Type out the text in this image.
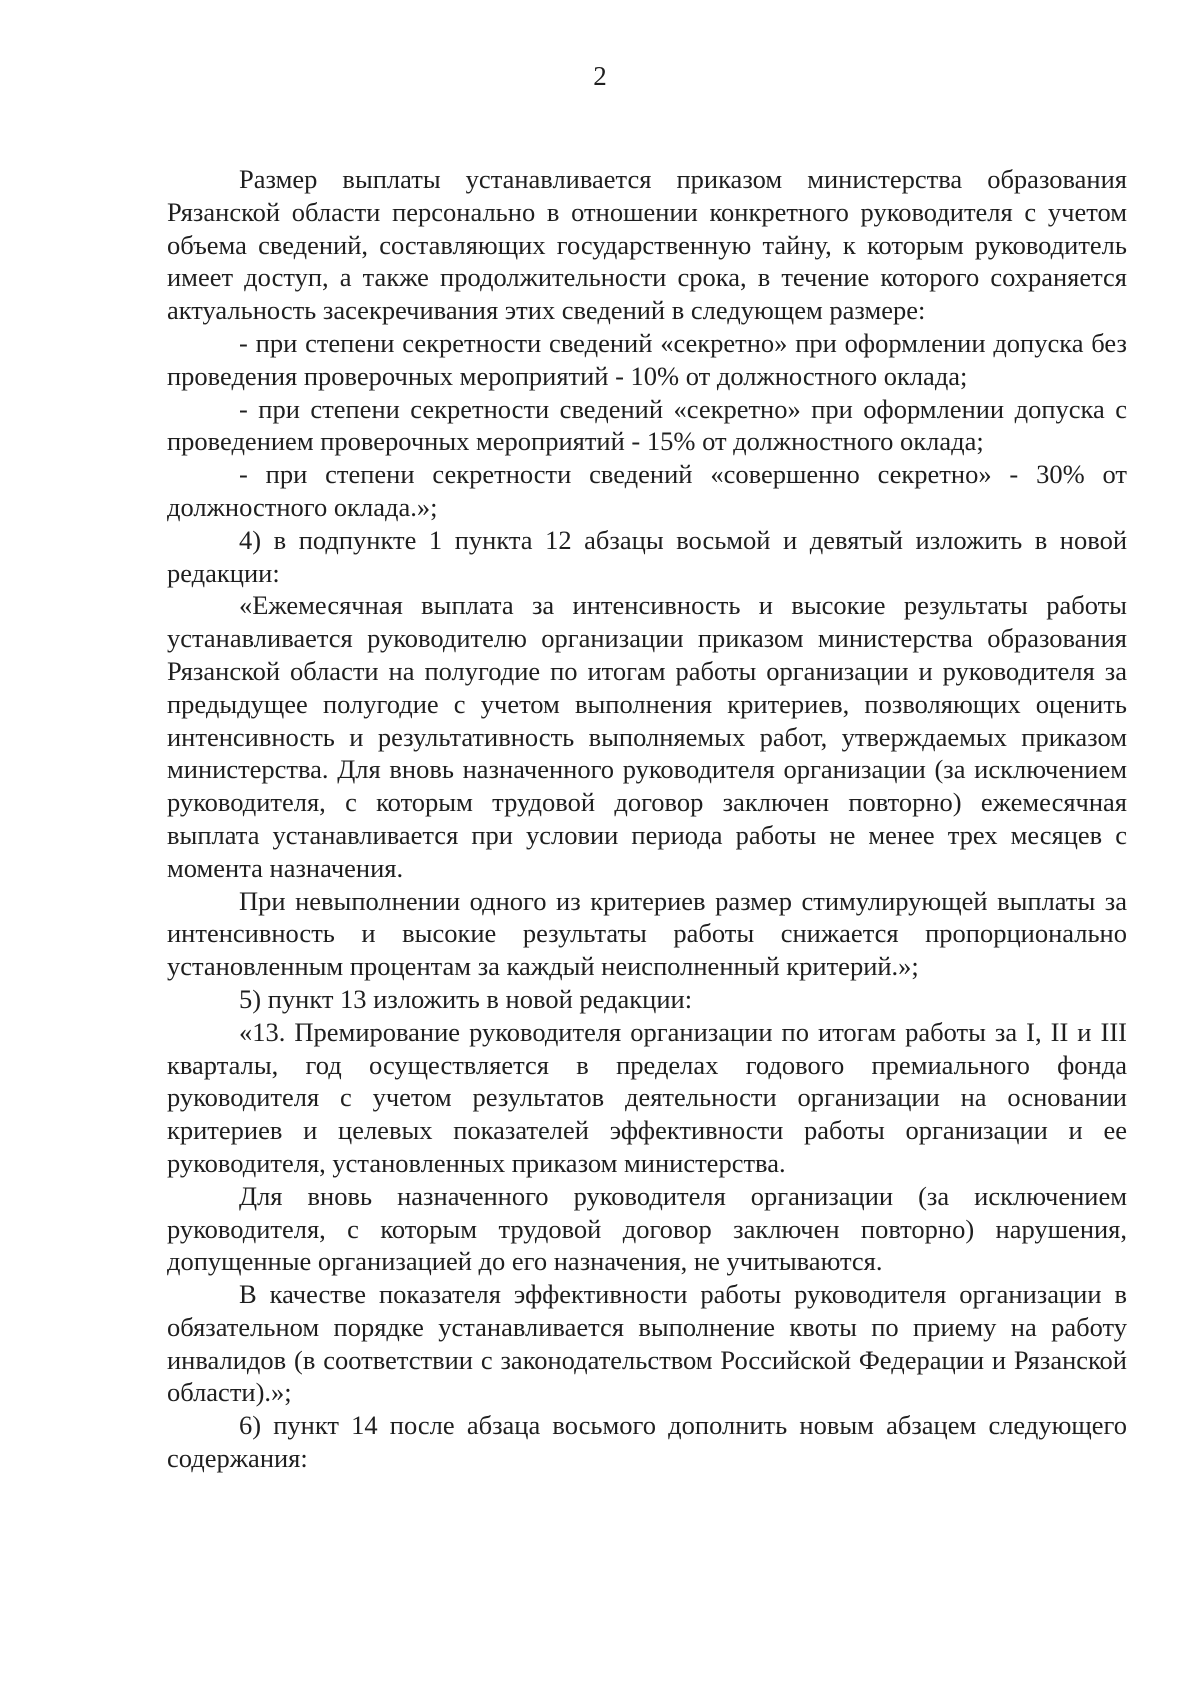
2

Размер выплаты устанавливается приказом министерства образования Рязанской области персонально в отношении конкретного руководителя с учетом объема сведений, составляющих государственную тайну, к которым руководитель имеет доступ, а также продолжительности срока, в течение которого сохраняется актуальность засекречивания этих сведений в следующем размере:

- при степени секретности сведений «секретно» при оформлении допуска без проведения проверочных мероприятий - 10% от должностного оклада;

- при степени секретности сведений «секретно» при оформлении допуска с проведением проверочных мероприятий - 15% от должностного оклада;

- при степени секретности сведений «совершенно секретно» - 30% от должностного оклада.»;

4) в подпункте 1 пункта 12 абзацы восьмой и девятый изложить в новой редакции:

«Ежемесячная выплата за интенсивность и высокие результаты работы устанавливается руководителю организации приказом министерства образования Рязанской области на полугодие по итогам работы организации и руководителя за предыдущее полугодие с учетом выполнения критериев, позволяющих оценить интенсивность и результативность выполняемых работ, утверждаемых приказом министерства. Для вновь назначенного руководителя организации (за исключением руководителя, с которым трудовой договор заключен повторно) ежемесячная выплата устанавливается при условии периода работы не менее трех месяцев с момента назначения.

При невыполнении одного из критериев размер стимулирующей выплаты за интенсивность и высокие результаты работы снижается пропорционально установленным процентам за каждый неисполненный критерий.»;

5) пункт 13 изложить в новой редакции:

«13. Премирование руководителя организации по итогам работы за I, II и III кварталы, год осуществляется в пределах годового премиального фонда руководителя с учетом результатов деятельности организации на основании критериев и целевых показателей эффективности работы организации и ее руководителя, установленных приказом министерства.

Для вновь назначенного руководителя организации (за исключением руководителя, с которым трудовой договор заключен повторно) нарушения, допущенные организацией до его назначения, не учитываются.

В качестве показателя эффективности работы руководителя организации в обязательном порядке устанавливается выполнение квоты по приему на работу инвалидов (в соответствии с законодательством Российской Федерации и Рязанской области).»;

6) пункт 14 после абзаца восьмого дополнить новым абзацем следующего содержания:
